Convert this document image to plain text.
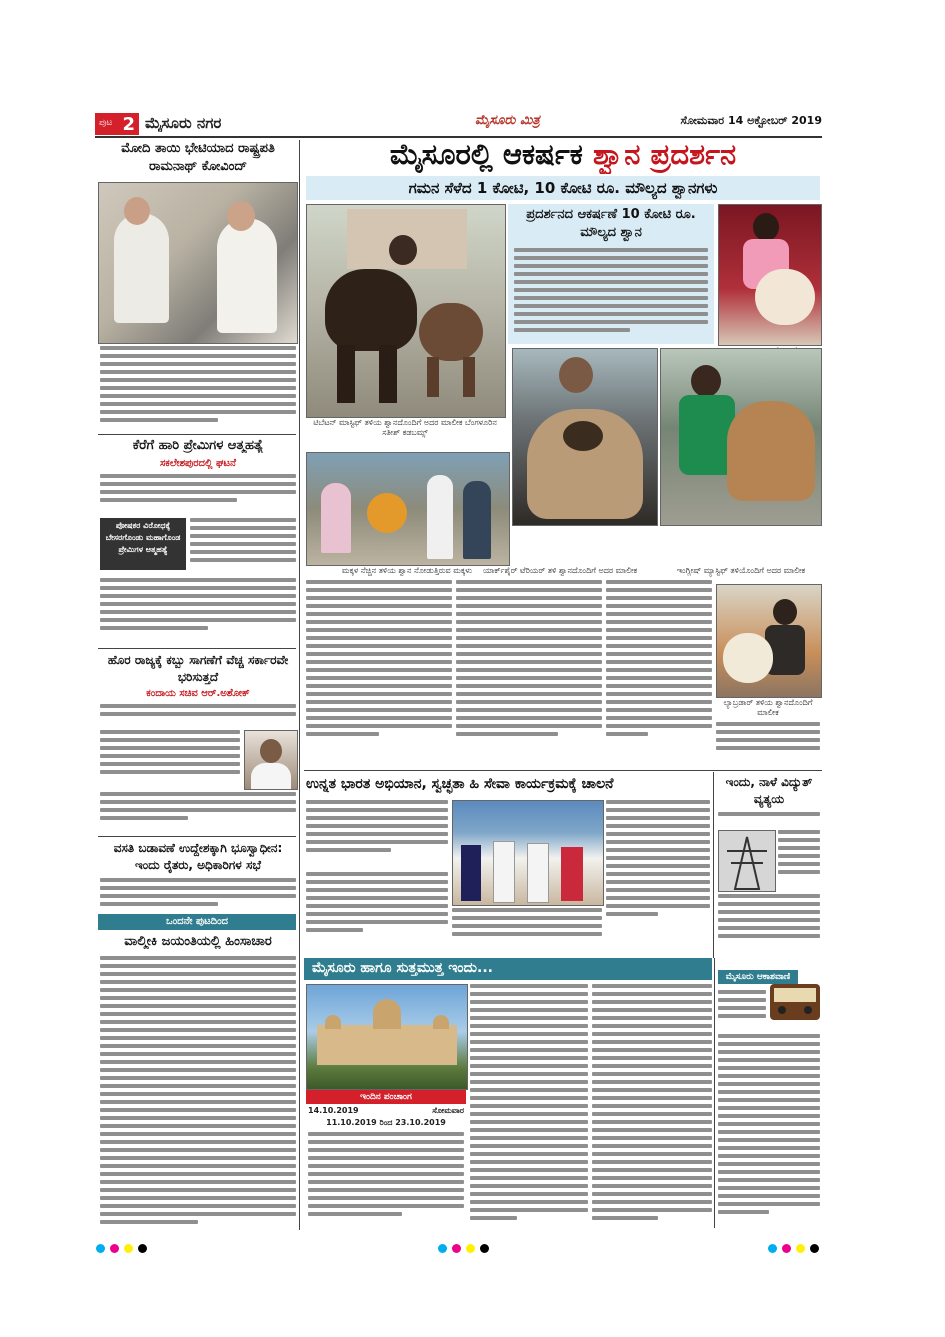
ಪುಟ 2 ಮೈಸೂರು ನಗರ	ಮೈಸೂರು ಮಿತ್ರ	ಸೋಮವಾರ 14 ಅಕ್ಟೋಬರ್ 2019
ಮೋದಿ ತಾಯಿ ಭೇಟಿಯಾದ ರಾಷ್ಟ್ರಪತಿ ರಾಮನಾಥ್ ಕೋವಿಂದ್
ಕೆರೆಗೆ ಹಾರಿ ಪ್ರೇಮಿಗಳ ಆತ್ಮಹತ್ಯೆ
ಸಕಲೇಶಪುರದಲ್ಲಿ ಘಟನೆ
ಪೋಷಕರ ವಿರೋಧಕ್ಕೆ ಬೇಸರಗೊಂಡು ಮಹಾಗೊಂಡ ಪ್ರೇಮಿಗಳ ಆತ್ಮಹತ್ಯೆ
ಹೊರ ರಾಜ್ಯಕ್ಕೆ ಕಬ್ಬು ಸಾಗಣೆಗೆ ವೆಚ್ಚ ಸರ್ಕಾರವೇ ಭರಿಸುತ್ತದೆ
ಕಂದಾಯ ಸಚಿವ ಆರ್.ಅಶೋಕ್
ವಸತಿ ಬಡಾವಣೆ ಉದ್ದೇಶಕ್ಕಾಗಿ ಭೂಸ್ವಾಧೀನ: ಇಂದು ರೈತರು, ಅಧಿಕಾರಿಗಳ ಸಭೆ
ಒಂದನೇ ಪುಟದಿಂದ
ವಾಲ್ಮೀಕಿ ಜಯಂತಿಯಲ್ಲಿ ಹಿಂಸಾಚಾರ
ಮೈಸೂರಲ್ಲಿ ಆಕರ್ಷಕ ಶ್ವಾನ ಪ್ರದರ್ಶನ
ಗಮನ ಸೆಳೆದ 1 ಕೋಟಿ, 10 ಕೋಟಿ ರೂ. ಮೌಲ್ಯದ ಶ್ವಾನಗಳು
ಟಿಬೆಟನ್ ಮಾಸ್ಟಿಫ್ ತಳಿಯ ಶ್ವಾನದೊಂದಿಗೆ ಅದರ ಮಾಲೀಕ ಬೆಂಗಳೂರಿನ ಸತೀಶ್ ಕಡಬಮ್ಸ್
ಪ್ರದರ್ಶನದ ಆಕರ್ಷಣೆ 10 ಕೋಟಿ ರೂ. ಮೌಲ್ಯದ ಶ್ವಾನ
ಮಕ್ಕಳ ನೆಚ್ಚಿನ ತಳಿಯ ಶ್ವಾನ ನೋಡುತ್ತಿರುವ ಮಕ್ಕಳು	ಯಾರ್ಕ್‌ಶೈರ್ ಟೆರಿಯರ್ ತಳಿ ಶ್ವಾನದೊಂದಿಗೆ ಅದರ ಮಾಲೀಕ	ಇಂಗ್ಲೀಷ್ ಮ್ಯಾಸ್ಟಿಫ್ ತಳಿಯೊಂದಿಗೆ ಅದರ ಮಾಲೀಕ
ಲ್ಯಾಬ್ರಡಾರ್ ತಳಿಯ ಶ್ವಾನದೊಂದಿಗೆ ಮಾಲೀಕ
ಉನ್ನತ ಭಾರತ ಅಭಿಯಾನ, ಸ್ವಚ್ಛತಾ ಹಿ ಸೇವಾ ಕಾರ್ಯಕ್ರಮಕ್ಕೆ ಚಾಲನೆ	ಇಂದು, ನಾಳೆ ವಿದ್ಯುತ್ ವ್ಯತ್ಯಯ
ಮೈಸೂರು ಹಾಗೂ ಸುತ್ತಮುತ್ತ ಇಂದು...
ಇಂದಿನ ಪಂಚಾಂಗ
14.10.2019	ಸೋಮವಾರ
11.10.2019 ರಿಂದ 23.10.2019
ಮೈಸೂರು ಆಕಾಶವಾಣಿ
